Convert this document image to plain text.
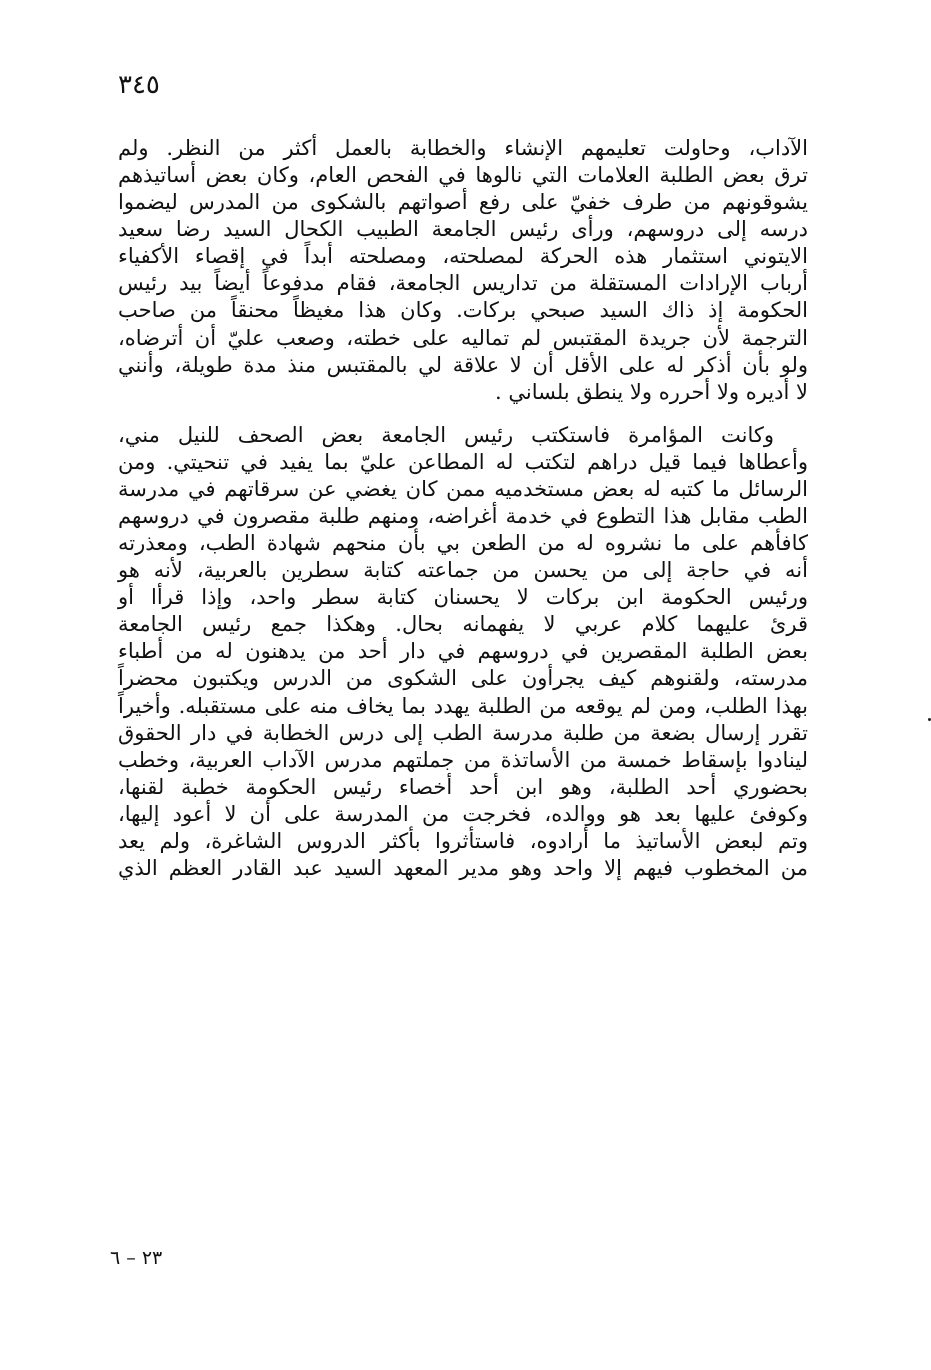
٣٤٥
الآداب، وحاولت تعليمهم الإنشاء والخطابة بالعمل أكثر من النظر. ولم
ترق بعض الطلبة العلامات التي نالوها في الفحص العام، وكان بعض أساتيذهم
يشوقونهم من طرف خفيّ على رفع أصواتهم بالشكوى من المدرس ليضموا
درسه إلى دروسهم، ورأى رئيس الجامعة الطبيب الكحال السيد رضا سعيد
الايتوني استثمار هذه الحركة لمصلحته، ومصلحته أبداً في إقصاء الأكفياء
أرباب الإرادات المستقلة من تداريس الجامعة، فقام مدفوعاً أيضاً بيد رئيس
الحكومة إذ ذاك السيد صبحي بركات. وكان هذا مغيظاً محنقاً من صاحب
الترجمة لأن جريدة المقتبس لم تماليه على خطته، وصعب عليّ أن أترضاه،
ولو بأن أذكر له على الأقل أن لا علاقة لي بالمقتبس منذ مدة طويلة، وأنني
لا أديره ولا أحرره ولا ينطق بلساني .
وكانت المؤامرة فاستكتب رئيس الجامعة بعض الصحف للنيل مني،
وأعطاها فيما قيل دراهم لتكتب له المطاعن عليّ بما يفيد في تنحيتي. ومن
الرسائل ما كتبه له بعض مستخدميه ممن كان يغضي عن سرقاتهم في مدرسة
الطب مقابل هذا التطوع في خدمة أغراضه، ومنهم طلبة مقصرون في دروسهم
كافأهم على ما نشروه له من الطعن بي بأن منحهم شهادة الطب، ومعذرته
أنه في حاجة إلى من يحسن من جماعته كتابة سطرين بالعربية، لأنه هو
ورئيس الحكومة ابن بركات لا يحسنان كتابة سطر واحد، وإذا قرأا أو
قرئ عليهما كلام عربي لا يفهمانه بحال. وهكذا جمع رئيس الجامعة
بعض الطلبة المقصرين في دروسهم في دار أحد من يدهنون له من أطباء
مدرسته، ولقنوهم كيف يجرأون على الشكوى من الدرس ويكتبون محضراً
بهذا الطلب، ومن لم يوقعه من الطلبة يهدد بما يخاف منه على مستقبله. وأخيراً
تقرر إرسال بضعة من طلبة مدرسة الطب إلى درس الخطابة في دار الحقوق
لينادوا بإسقاط خمسة من الأساتذة من جملتهم مدرس الآداب العربية، وخطب
بحضوري أحد الطلبة، وهو ابن أحد أخصاء رئيس الحكومة خطبة لقنها،
وكوفئ عليها بعد هو ووالده، فخرجت من المدرسة على أن لا أعود إليها،
وتم لبعض الأساتيذ ما أرادوه، فاستأثروا بأكثر الدروس الشاغرة، ولم يعد
من المخطوب فيهم إلا واحد وهو مدير المعهد السيد عبد القادر العظم الذي
٢٣ – ٦
